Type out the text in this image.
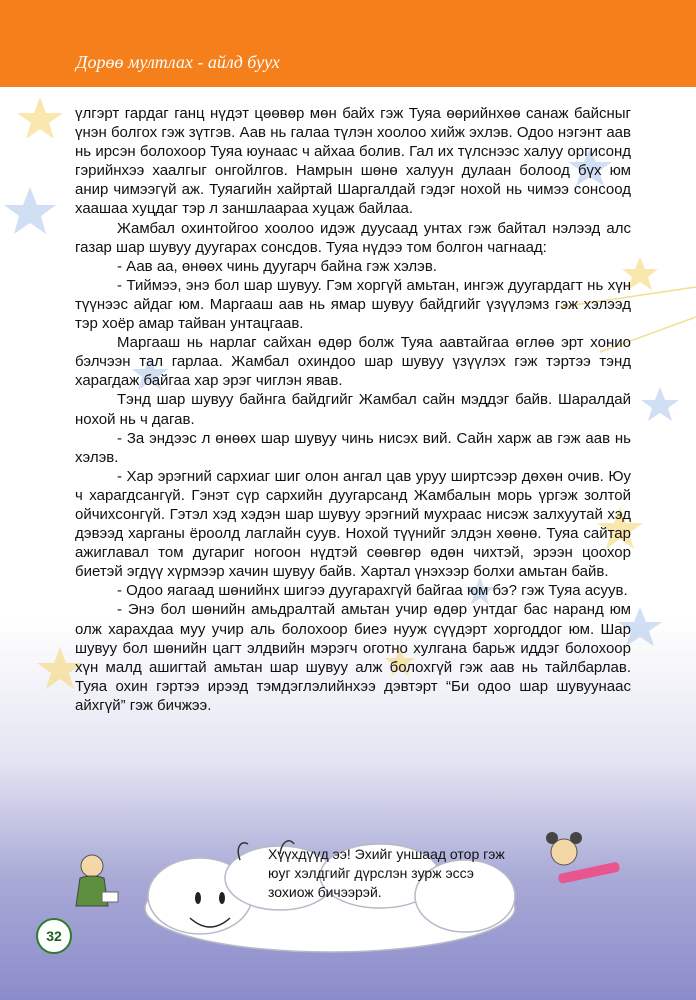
Дорөө мултлах - айлд буух

үлгэрт гардаг ганц нүдэт цөөвөр мөн байх гэж Туяа өөрийнхөө санаж байсныг үнэн болгох гэж зүтгэв. Аав нь галаа түлэн хоолоо хийж эхлэв. Одоо нэгэнт аав нь ирсэн болохоор Туяа юунаас ч айхаа болив. Гал их түлснээс халуу оргисонд гэрийнхээ хаалгыг онгойлгов. Намрын шөнө халуун дулаан болоод бүх юм анир чимээгүй аж. Туяагийн хайртай Шаргалдай гэдэг нохой нь чимээ сонсоод хаашаа хуцдаг тэр л заншлаараа хуцаж байлаа.

Жамбал охинтойгоо хоолоо идэж дуусаад унтах гэж байтал нэлээд алс газар шар шувуу дуугарах сонсдов. Туяа нүдээ том болгон чагнаад:

- Аав аа, өнөөх чинь дуугарч байна гэж хэлэв.

- Тиймээ, энэ бол шар шувуу. Гэм хоргүй амьтан, ингэж дуугардагт нь хүн түүнээс айдаг юм. Маргааш аав нь ямар шувуу байдгийг үзүүлэмз гэж хэлээд тэр хоёр амар тайван унтацгаав.

Маргааш нь нарлаг сайхан өдөр болж Туяа аавтайгаа өглөө эрт хонио бэлчээн тал гарлаа. Жамбал охиндоо шар шувуу үзүүлэх гэж тэртээ тэнд харагдаж байгаа хар эрэг чиглэн явав.

Тэнд шар шувуу байнга байдгийг Жамбал сайн мэддэг байв. Шаралдай нохой нь ч дагав.

- За эндээс л өнөөх шар шувуу чинь нисэх вий. Сайн харж ав гэж аав нь хэлэв.

- Хар эрэгний сархиаг шиг олон ангал цав уруу ширтсээр дөхөн очив. Юу ч харагдсангүй. Гэнэт сүр сархийн дуугарсанд Жамбалын морь үргэж золтой ойчихсонгүй. Гэтэл хэд хэдэн шар шувуу эрэгний мухраас нисэж залхуутай хэд дэвээд харганы ёроолд лаглайн суув. Нохой түүнийг элдэн хөөнө. Туяа сайтар ажиглавал том дугариг ногоон нүдтэй сөөвгөр өдөн чихтэй, эрээн цоохор биетэй эгдүү хүрмээр хачин шувуу байв. Хартал үнэхээр болхи амьтан байв.

- Одоо яагаад шөнийнх шигээ дуугарахгүй байгаа юм бэ? гэж Туяа асуув.

- Энэ бол шөнийн амьдралтай амьтан учир өдөр унтдаг бас наранд юм олж харахдаа муу учир аль болохоор биеэ нууж сүүдэрт хоргоддог юм. Шар шувуу бол шөнийн цагт элдвийн мэрэгч оготно хулгана барьж иддэг болохоор хүн малд ашигтай амьтан шар шувуу алж болохгүй гэж аав нь тайлбарлав. Туяа охин гэртээ ирээд тэмдэглэлийнхээ дэвтэрт “Би одоо шар шувуунаас айхгүй” гэж бичжээ.

Хүүхдүүд ээ! Эхийг уншаад отор гэж юуг хэлдгийг дүрслэн зурж эссэ зохиож бичээрэй.
32
